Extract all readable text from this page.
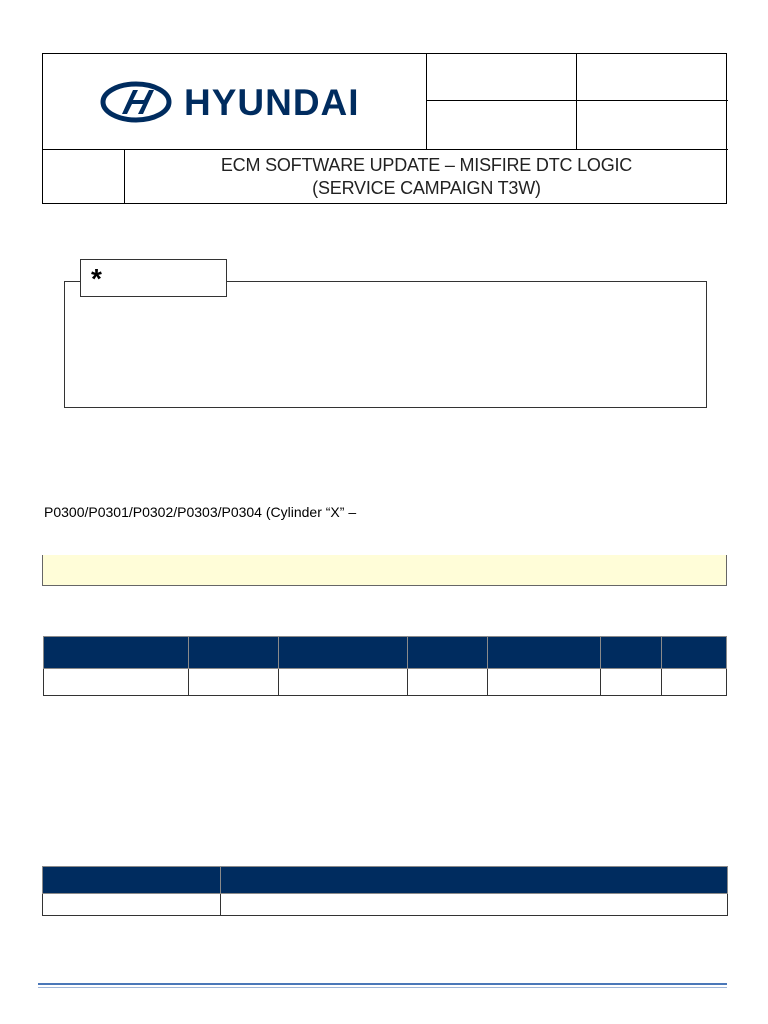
HYUNDAI
ECM SOFTWARE UPDATE – MISFIRE DTC LOGIC
(SERVICE CAMPAIGN T3W)
*
P0300/P0301/P0302/P0303/P0304 (Cylinder “X” –
